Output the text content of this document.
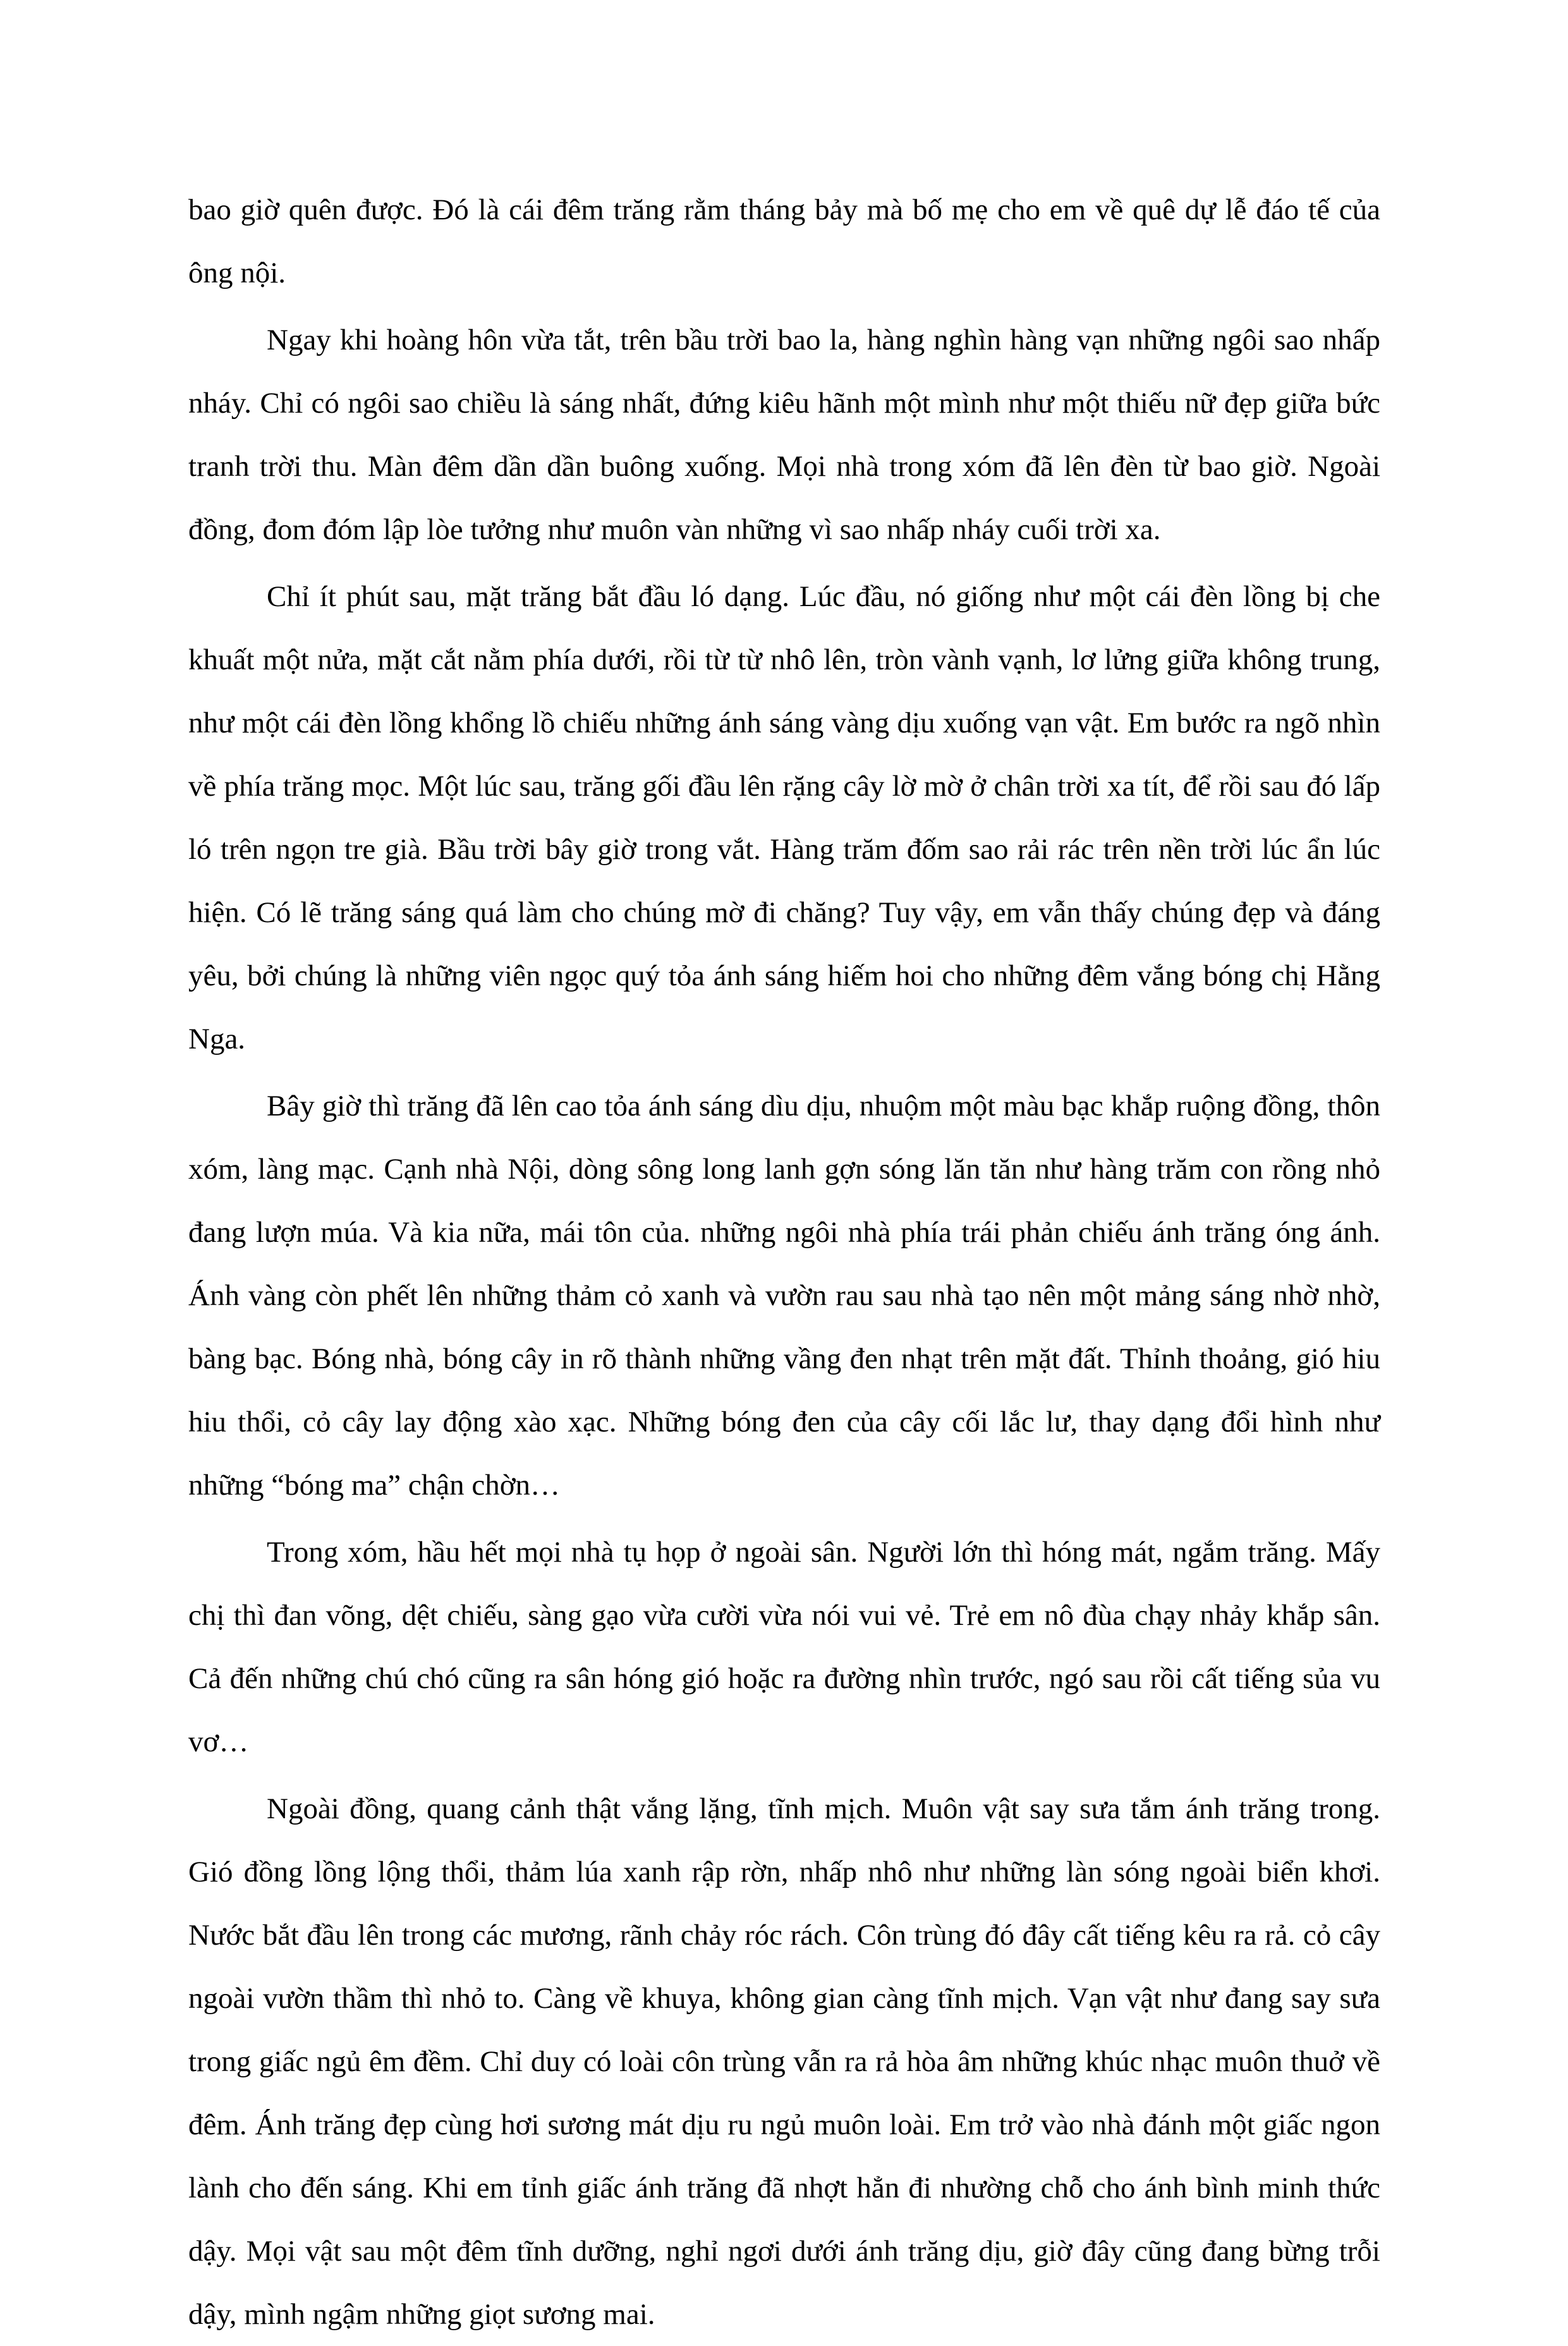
bao giờ quên được. Đó là cái đêm trăng rằm tháng bảy mà bố mẹ cho em về quê dự lễ đáo tế của ông nội.

Ngay khi hoàng hôn vừa tắt, trên bầu trời bao la, hàng nghìn hàng vạn những ngôi sao nhấp nháy. Chỉ có ngôi sao chiều là sáng nhất, đứng kiêu hãnh một mình như một thiếu nữ đẹp giữa bức tranh trời thu. Màn đêm dần dần buông xuống. Mọi nhà trong xóm đã lên đèn từ bao giờ. Ngoài đồng, đom đóm lập lòe tưởng như muôn vàn những vì sao nhấp nháy cuối trời xa.

Chỉ ít phút sau, mặt trăng bắt đầu ló dạng. Lúc đầu, nó giống như một cái đèn lồng bị che khuất một nửa, mặt cắt nằm phía dưới, rồi từ từ nhô lên, tròn vành vạnh, lơ lửng giữa không trung, như một cái đèn lồng khổng lồ chiếu những ánh sáng vàng dịu xuống vạn vật. Em bước ra ngõ nhìn về phía trăng mọc. Một lúc sau, trăng gối đầu lên rặng cây lờ mờ ở chân trời xa tít, để rồi sau đó lấp ló trên ngọn tre già. Bầu trời bây giờ trong vắt. Hàng trăm đốm sao rải rác trên nền trời lúc ẩn lúc hiện. Có lẽ trăng sáng quá làm cho chúng mờ đi chăng? Tuy vậy, em vẫn thấy chúng đẹp và đáng yêu, bởi chúng là những viên ngọc quý tỏa ánh sáng hiếm hoi cho những đêm vắng bóng chị Hằng Nga.

Bây giờ thì trăng đã lên cao tỏa ánh sáng dìu dịu, nhuộm một màu bạc khắp ruộng đồng, thôn xóm, làng mạc. Cạnh nhà Nội, dòng sông long lanh gợn sóng lăn tăn như hàng trăm con rồng nhỏ đang lượn múa. Và kia nữa, mái tôn của. những ngôi nhà phía trái phản chiếu ánh trăng óng ánh. Ánh vàng còn phết lên những thảm cỏ xanh và vườn rau sau nhà tạo nên một mảng sáng nhờ nhờ, bàng bạc. Bóng nhà, bóng cây in rõ thành những vầng đen nhạt trên mặt đất. Thỉnh thoảng, gió hiu hiu thổi, cỏ cây lay động xào xạc. Những bóng đen của cây cối lắc lư, thay dạng đổi hình như những “bóng ma” chận chờn…

Trong xóm, hầu hết mọi nhà tụ họp ở ngoài sân. Người lớn thì hóng mát, ngắm trăng. Mấy chị thì đan võng, dệt chiếu, sàng gạo vừa cười vừa nói vui vẻ. Trẻ em nô đùa chạy nhảy khắp sân. Cả đến những chú chó cũng ra sân hóng gió hoặc ra đường nhìn trước, ngó sau rồi cất tiếng sủa vu vơ…

Ngoài đồng, quang cảnh thật vắng lặng, tĩnh mịch. Muôn vật say sưa tắm ánh trăng trong. Gió đồng lồng lộng thổi, thảm lúa xanh rập rờn, nhấp nhô như những làn sóng ngoài biển khơi. Nước bắt đầu lên trong các mương, rãnh chảy róc rách. Côn trùng đó đây cất tiếng kêu ra rả. cỏ cây ngoài vườn thầm thì nhỏ to. Càng về khuya, không gian càng tĩnh mịch. Vạn vật như đang say sưa trong giấc ngủ êm đềm. Chỉ duy có loài côn trùng vẫn ra rả hòa âm những khúc nhạc muôn thuở về đêm. Ánh trăng đẹp cùng hơi sương mát dịu ru ngủ muôn loài. Em trở vào nhà đánh một giấc ngon lành cho đến sáng. Khi em tỉnh giấc ánh trăng đã nhợt hẳn đi nhường chỗ cho ánh bình minh thức dậy. Mọi vật sau một đêm tĩnh dưỡng, nghỉ ngơi dưới ánh trăng dịu, giờ đây cũng đang bừng trỗi dậy, mình ngậm những giọt sương mai.
